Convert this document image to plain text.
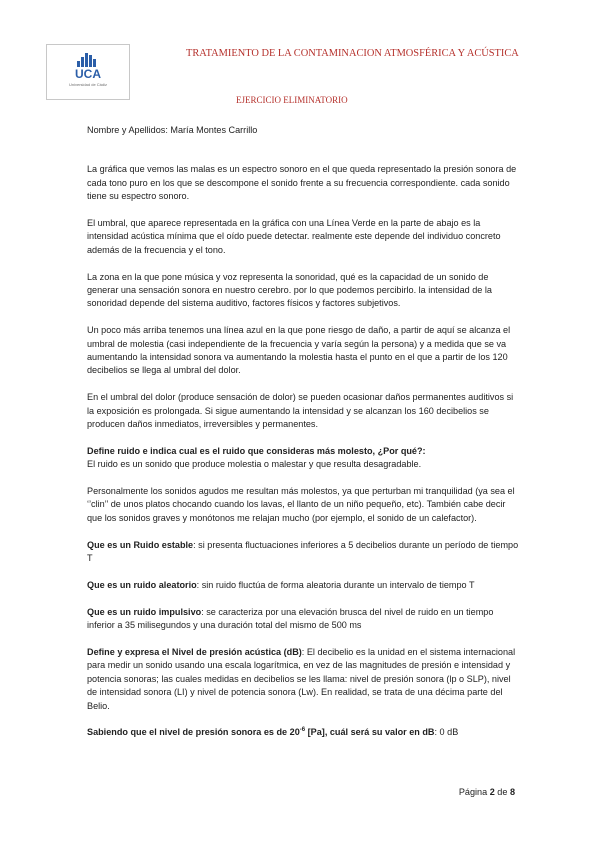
UCA
Universidad de Cádiz
TRATAMIENTO DE LA CONTAMINACION ATMOSFÉRICA Y ACÚSTICA
EJERCICIO ELIMINATORIO

Nombre y Apellidos: María Montes Carrillo

La gráfica que vemos las malas es un espectro sonoro en el que queda representado la presión sonora de cada tono puro en los que se descompone el sonido frente a su frecuencia correspondiente. cada sonido tiene su espectro sonoro.

El umbral, que aparece representada en la gráfica con una Línea Verde en la parte de abajo es la intensidad acústica mínima que el oído puede detectar. realmente este depende del individuo concreto además de la frecuencia y el tono.

La zona en la que pone música y voz representa la sonoridad, qué es la capacidad de un sonido de generar una sensación sonora en nuestro cerebro. por lo que podemos percibirlo. la intensidad de la sonoridad depende del sistema auditivo, factores físicos y factores subjetivos.

Un poco más arriba tenemos una línea azul en la que pone riesgo de daño, a partir de aquí se alcanza el umbral de molestia (casi independiente de la frecuencia y varía según la persona) y a medida que se va aumentando la intensidad sonora va aumentando la molestia hasta el punto en el que a partir de los 120 decibelios se llega al umbral del dolor.

En el umbral del dolor (produce sensación de dolor) se pueden ocasionar daños permanentes auditivos si la exposición es prolongada. Si sigue aumentando la intensidad y se alcanzan los 160 decibelios se producen daños inmediatos, irreversibles y permanentes.

Define ruido e indica cual es el ruido que consideras más molesto, ¿Por qué?:
El ruido es un sonido que produce molestia o malestar y que resulta desagradable.

Personalmente los sonidos agudos me resultan más molestos, ya que perturban mi tranquilidad (ya sea el ‘’clin’’ de unos platos chocando cuando los lavas, el llanto de un niño pequeño, etc). También cabe decir que los sonidos graves y monótonos me relajan mucho (por ejemplo, el sonido de un calefactor).

Que es un Ruido estable: si presenta fluctuaciones inferiores a 5 decibelios durante un período de tiempo T

Que es un ruido aleatorio: sin ruido fluctúa de forma aleatoria durante un intervalo de tiempo T

Que es un ruido impulsivo: se caracteriza por una elevación brusca del nivel de ruido en un tiempo inferior a 35 milisegundos y una duración total del mismo de 500 ms

Define y expresa el Nivel de presión acústica (dB): El decibelio es la unidad en el sistema internacional para medir un sonido usando una escala logarítmica, en vez de las magnitudes de presión e intensidad y potencia sonoras; las cuales medidas en decibelios se les llama: nivel de presión sonora (lp o SLP), nivel de intensidad sonora (LI) y nivel de potencia sonora (Lw). En realidad, se trata de una décima parte del Belio.

Sabiendo que el nivel de presión sonora es de $20^{-6}$ [Pa], cuál será su valor en dB: 0 dB

Página 2 de 8
